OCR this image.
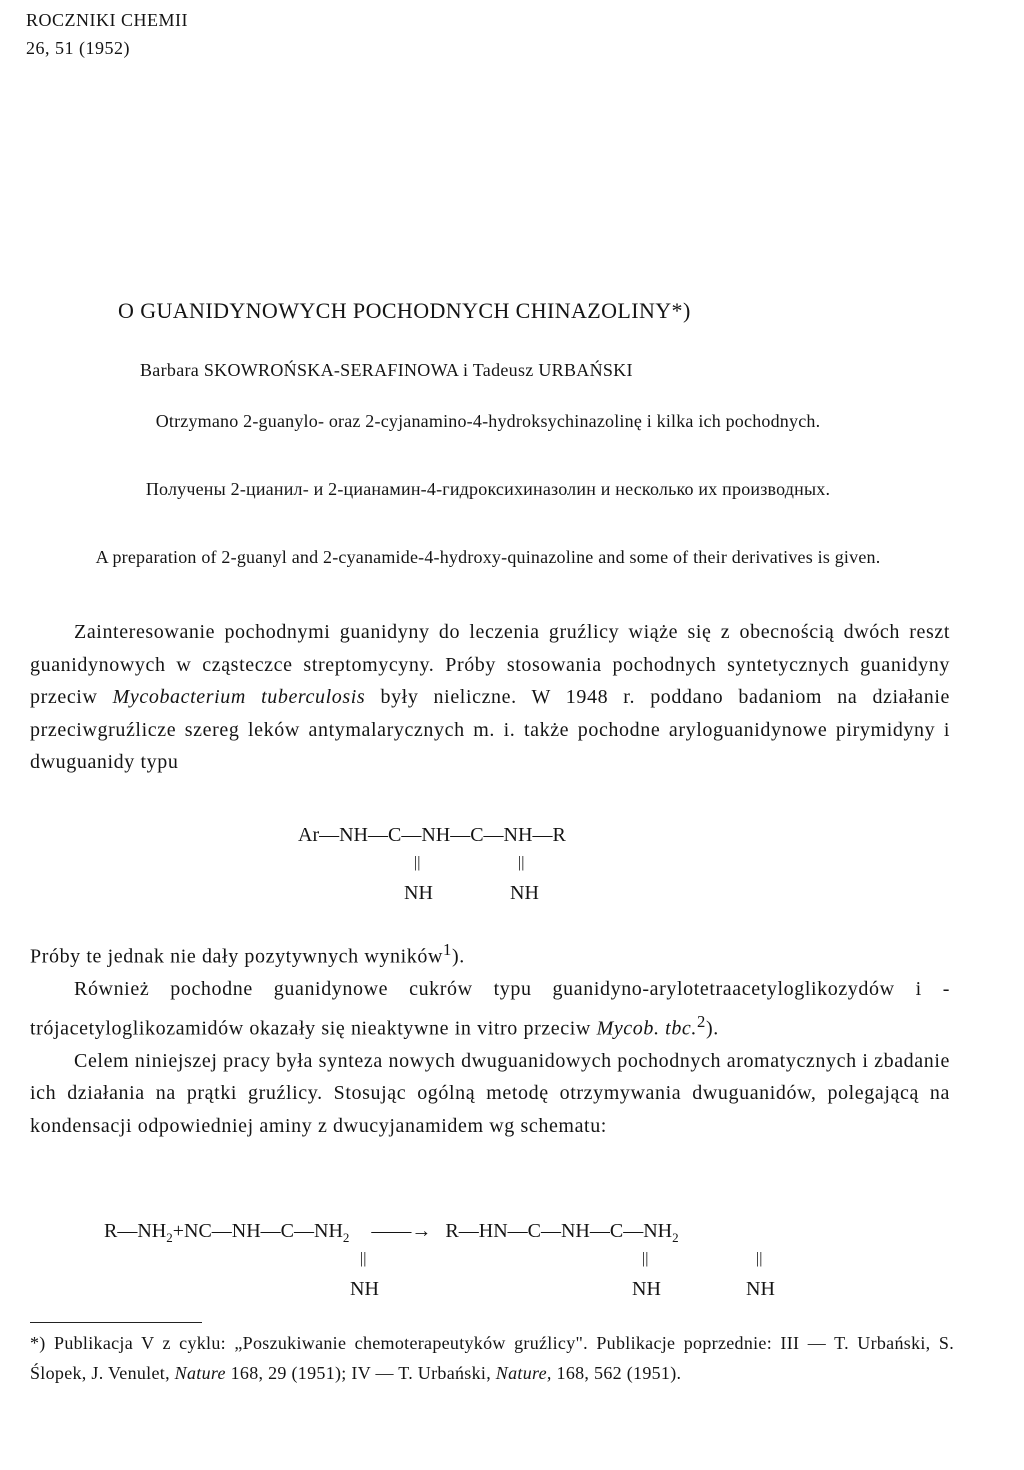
ROCZNIKI CHEMII
26, 51 (1952)
O GUANIDYNOWYCH POCHODNYCH CHINAZOLINY*)
Barbara SKOWROŃSKA-SERAFINOWA i Tadeusz URBAŃSKI
Otrzymano 2-guanylo- oraz 2-cyjanamino-4-hydroksychinazolinę i kilka ich pochodnych.
Получены 2-цианил- и 2-цианамин-4-гидроксихиназолин и несколько их производных.
A preparation of 2-guanyl and 2-cyanamide-4-hydroxy-quinazoline and some of their derivatives is given.

Zainteresowanie pochodnymi guanidyny do leczenia gruźlicy wiąże się z obecnością dwóch reszt guanidynowych w cząsteczce streptomycyny. Próby stosowania pochodnych syntetycznych guanidyny przeciw Mycobacterium tuberculosis były nieliczne. W 1948 r. poddano badaniom na działanie przeciwgruźlicze szereg leków antymalarycznych m. i. także pochodne aryloguanidynowe pirymidyny i dwuguanidy typu

Ar—NH—C—NH—C—NH—R

||

	||

NH

	NH

Próby te jednak nie dały pozytywnych wyników$^1$).

Również pochodne guanidynowe cukrów typu guanidyno-arylotetraacetyloglikozydów i -trójacetyloglikozamidów okazały się nieaktywne in vitro przeciw Mycob. tbc.$^2$).

Celem niniejszej pracy była synteza nowych dwuguanidowych pochodnych aromatycznych i zbadanie ich działania na prątki gruźlicy. Stosując ogólną metodę otrzymywania dwuguanidów, polegającą na kondensacji odpowiedniej aminy z dwucyjanamidem wg schematu:

$R—NH_2+NC—NH—C—NH_2$ ——→ $R—HN—C—NH—C—NH_2$

||

	||

	||

NH

	NH

	NH

*) Publikacja V z cyklu: „Poszukiwanie chemoterapeutyków gruźlicy". Publikacje poprzednie: III — T. Urbański, S. Ślopek, J. Venulet, Nature 168, 29 (1951); IV — T. Urbański, Nature, 168, 562 (1951).
